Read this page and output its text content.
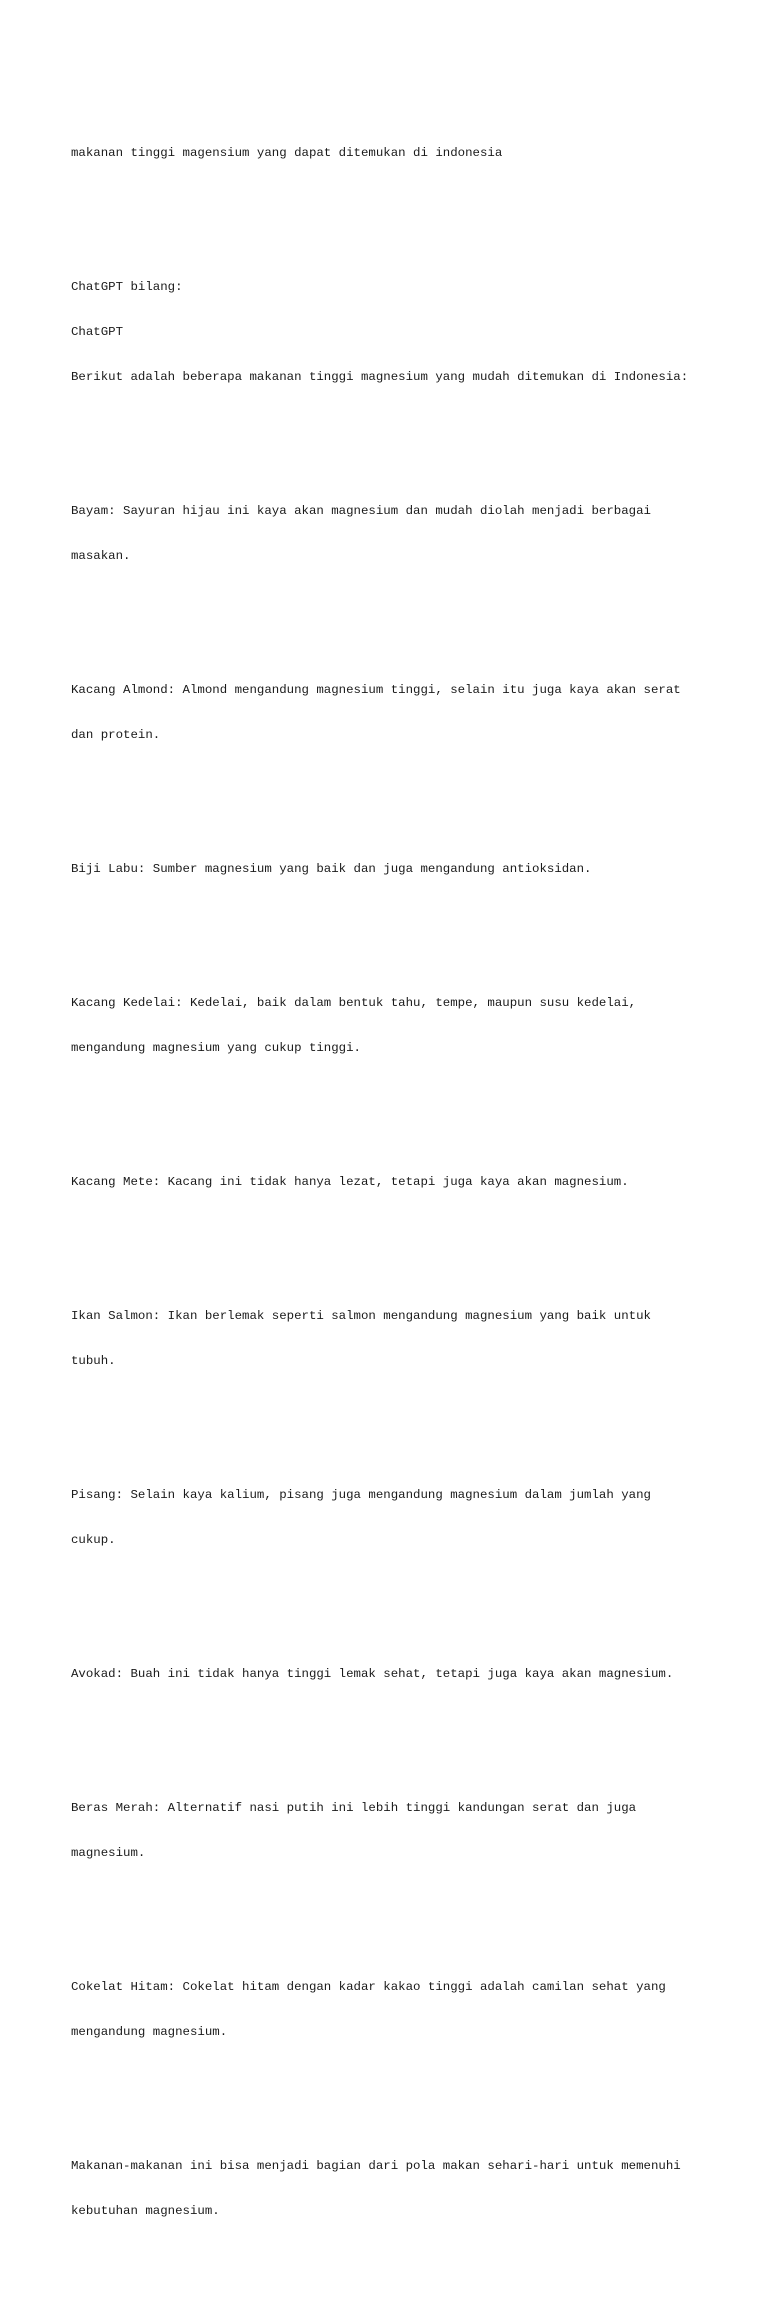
makanan tinggi magensium yang dapat ditemukan di indonesia

ChatGPT bilang:

ChatGPT

Berikut adalah beberapa makanan tinggi magnesium yang mudah ditemukan di Indonesia:

Bayam: Sayuran hijau ini kaya akan magnesium dan mudah diolah menjadi berbagai

masakan.

Kacang Almond: Almond mengandung magnesium tinggi, selain itu juga kaya akan serat

dan protein.

Biji Labu: Sumber magnesium yang baik dan juga mengandung antioksidan.

Kacang Kedelai: Kedelai, baik dalam bentuk tahu, tempe, maupun susu kedelai,

mengandung magnesium yang cukup tinggi.

Kacang Mete: Kacang ini tidak hanya lezat, tetapi juga kaya akan magnesium.

Ikan Salmon: Ikan berlemak seperti salmon mengandung magnesium yang baik untuk

tubuh.

Pisang: Selain kaya kalium, pisang juga mengandung magnesium dalam jumlah yang

cukup.

Avokad: Buah ini tidak hanya tinggi lemak sehat, tetapi juga kaya akan magnesium.

Beras Merah: Alternatif nasi putih ini lebih tinggi kandungan serat dan juga

magnesium.

Cokelat Hitam: Cokelat hitam dengan kadar kakao tinggi adalah camilan sehat yang

mengandung magnesium.

Makanan-makanan ini bisa menjadi bagian dari pola makan sehari-hari untuk memenuhi

kebutuhan magnesium.
